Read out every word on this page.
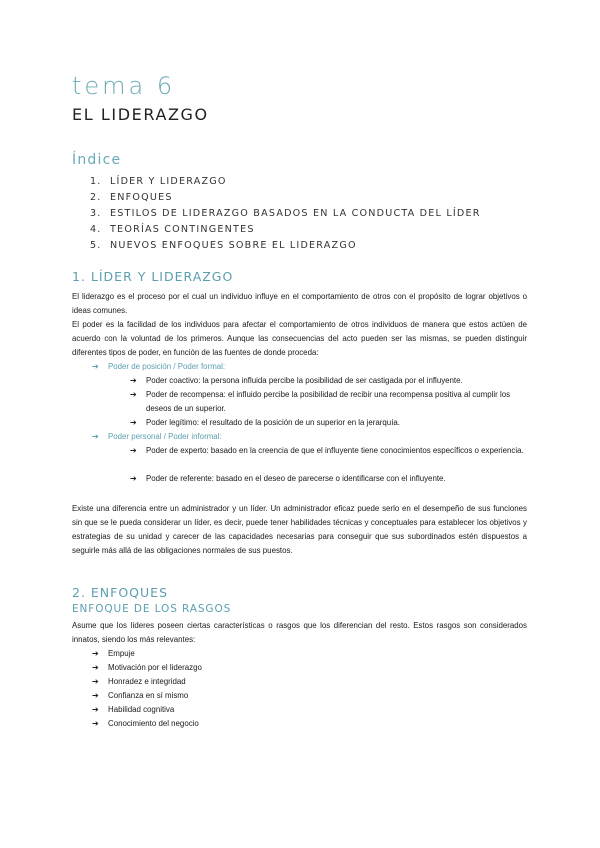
tema 6
EL LIDERAZGO
Índice
1. LÍDER Y LIDERAZGO
2. ENFOQUES
3. ESTILOS DE LIDERAZGO BASADOS EN LA CONDUCTA DEL LÍDER
4. TEORÍAS CONTINGENTES
5. NUEVOS ENFOQUES SOBRE EL LIDERAZGO
1. LÍDER Y LIDERAZGO
El liderazgo es el proceso por el cual un individuo influye en el comportamiento de otros con el propósito de lograr objetivos o ideas comunes.
El poder es la facilidad de los individuos para afectar el comportamiento de otros individuos de manera que estos actúen de acuerdo con la voluntad de los primeros. Aunque las consecuencias del acto pueden ser las mismas, se pueden distinguir diferentes tipos de poder, en función de las fuentes de donde proceda:
➔ Poder de posición / Poder formal:
➔	Poder coactivo: la persona influida percibe la posibilidad de ser castigada por el influyente.
➔	Poder de recompensa: el influido percibe la posibilidad de recibir una recompensa positiva al cumplir los deseos de un superior.
➔	Poder legítimo: el resultado de la posición de un superior en la jerarquía.
➔ Poder personal / Poder informal:
➔	Poder de experto: basado en la creencia de que el influyente tiene conocimientos específicos o experiencia.
➔	Poder de referente: basado en el deseo de parecerse o identificarse con el influyente.
Existe una diferencia entre un administrador y un líder. Un administrador eficaz puede serlo en el desempeño de sus funciones sin que se le pueda considerar un líder, es decir, puede tener habilidades técnicas y conceptuales para establecer los objetivos y estrategias de su unidad y carecer de las capacidades necesarias para conseguir que sus subordinados estén dispuestos a seguirle más allá de las obligaciones normales de sus puestos.
2. ENFOQUES
ENFOQUE DE LOS RASGOS
Asume que los líderes poseen ciertas características o rasgos que los diferencian del resto. Estos rasgos son considerados innatos, siendo los más relevantes:
➔ Empuje
➔ Motivación por el liderazgo
➔ Honradez e integridad
➔ Confianza en sí mismo
➔ Habilidad cognitiva
➔ Conocimiento del negocio
